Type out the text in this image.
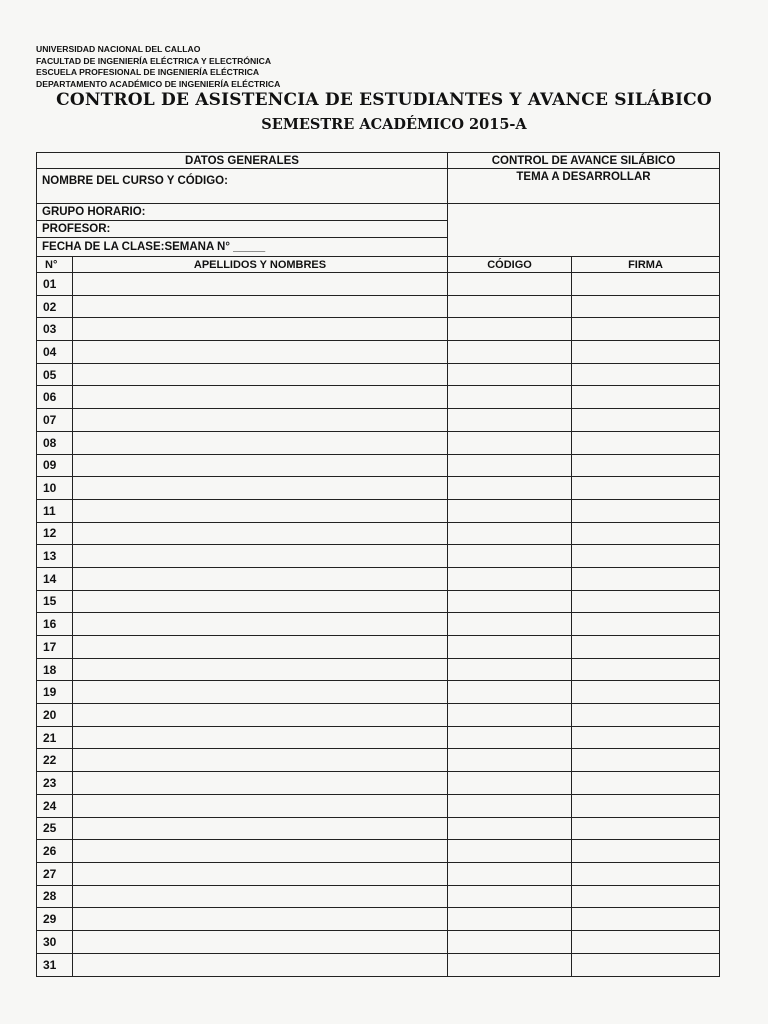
UNIVERSIDAD NACIONAL DEL CALLAO
FACULTAD DE INGENIERÍA ELÉCTRICA Y ELECTRÓNICA
ESCUELA PROFESIONAL DE INGENIERÍA ELÉCTRICA
DEPARTAMENTO ACADÉMICO DE INGENIERÍA ELÉCTRICA
CONTROL DE ASISTENCIA DE ESTUDIANTES Y AVANCE SILÁBICO
SEMESTRE ACADÉMICO 2015-A
DATOS GENERALES
NOMBRE DEL CURSO Y CÓDIGO:
GRUPO HORARIO:
PROFESOR:
FECHA DE LA CLASE:SEMANA N° _____
CONTROL DE AVANCE SILÁBICO
TEMA A DESARROLLAR
N°	APELLIDOS Y NOMBRES	CÓDIGO	FIRMA
01
02
03
04
05
06
07
08
09
10
11
12
13
14
15
16
17
18
19
20
21
22
23
24
25
26
27
28
29
30
31
